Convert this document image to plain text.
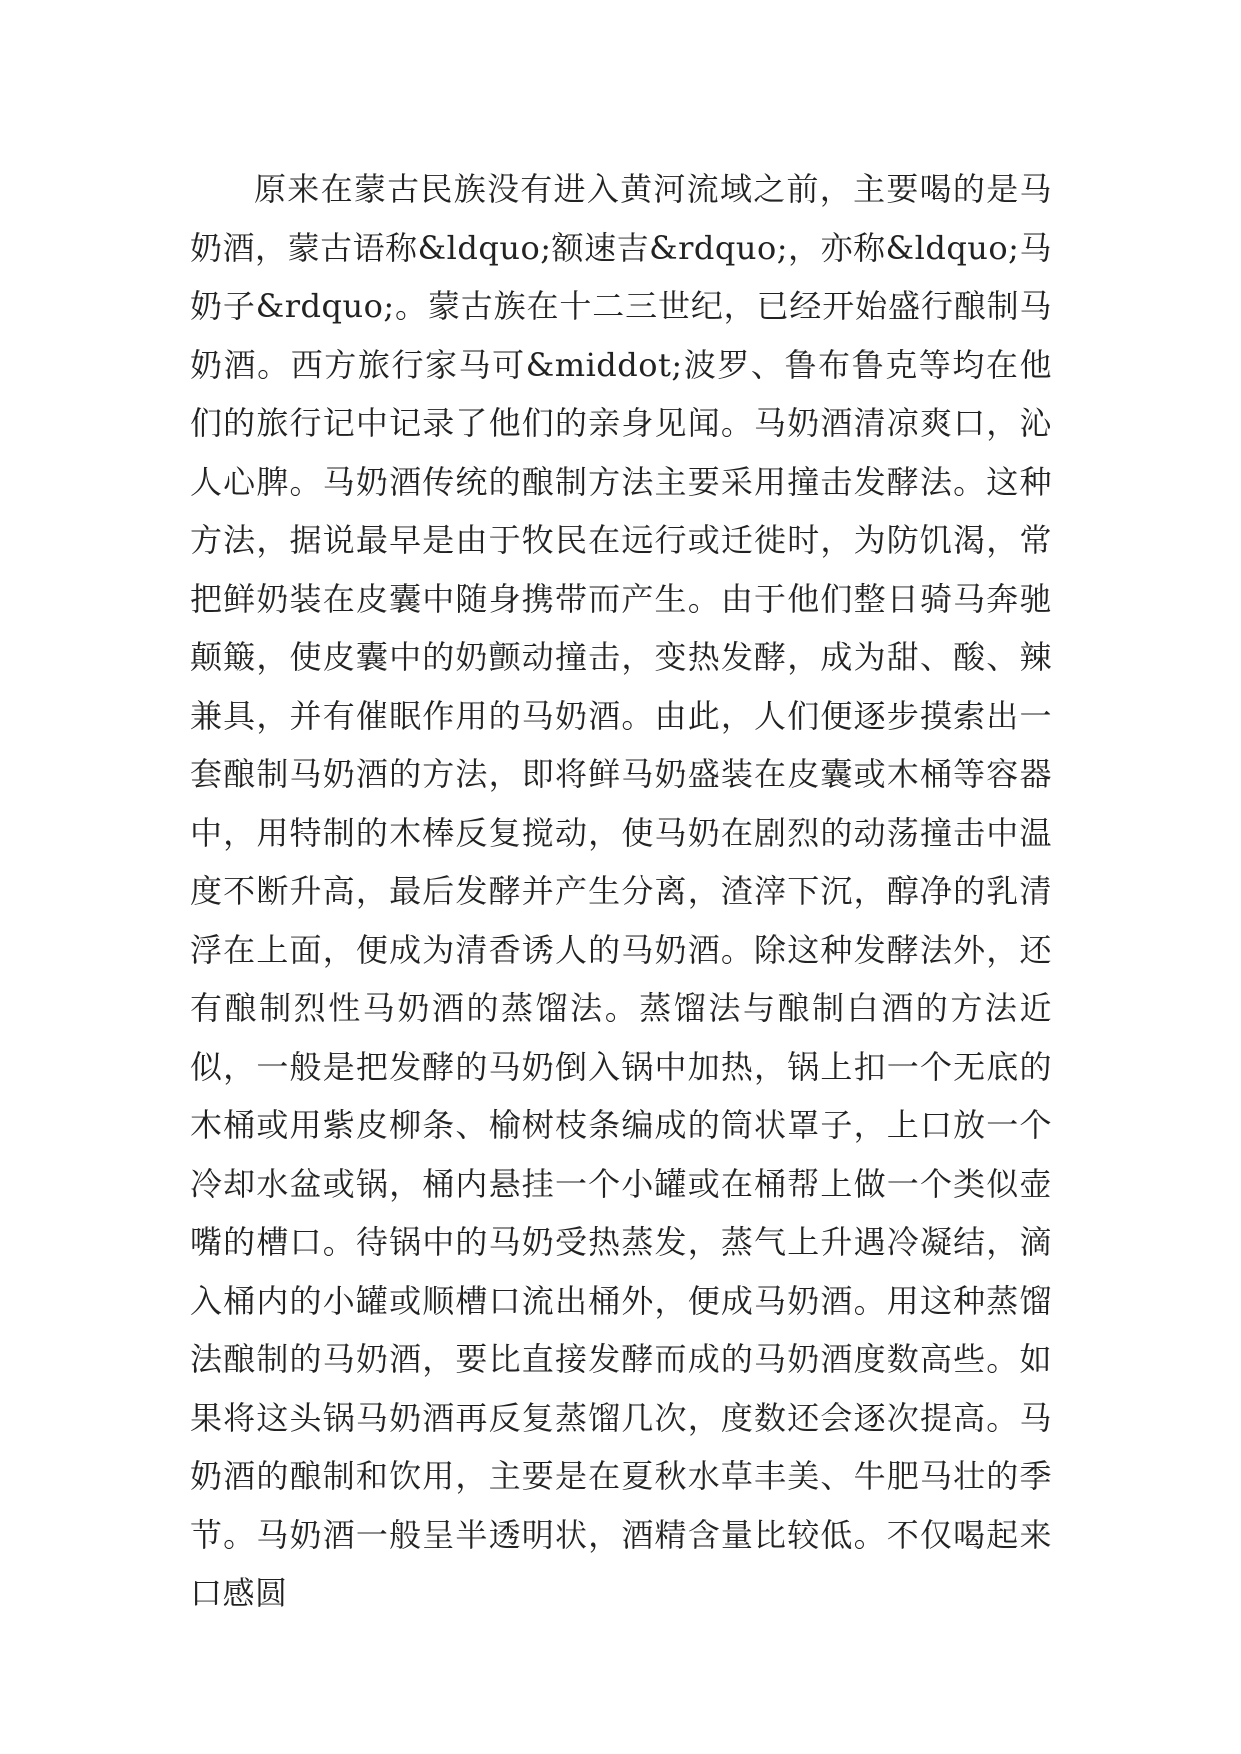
原来在蒙古民族没有进入黄河流域之前，主要喝的是马奶酒，蒙古语称&ldquo;额速吉&rdquo;，亦称&ldquo;马奶子&rdquo;。蒙古族在十二三世纪，已经开始盛行酿制马奶酒。西方旅行家马可&middot;波罗、鲁布鲁克等均在他们的旅行记中记录了他们的亲身见闻。马奶酒清凉爽口，沁人心脾。马奶酒传统的酿制方法主要采用撞击发酵法。这种方法，据说最早是由于牧民在远行或迁徙时，为防饥渴，常把鲜奶装在皮囊中随身携带而产生。由于他们整日骑马奔驰颠簸，使皮囊中的奶颤动撞击，变热发酵，成为甜、酸、辣兼具，并有催眠作用的马奶酒。由此，人们便逐步摸索出一套酿制马奶酒的方法，即将鲜马奶盛装在皮囊或木桶等容器中，用特制的木棒反复搅动，使马奶在剧烈的动荡撞击中温度不断升高，最后发酵并产生分离，渣滓下沉，醇净的乳清浮在上面，便成为清香诱人的马奶酒。除这种发酵法外，还有酿制烈性马奶酒的蒸馏法。蒸馏法与酿制白酒的方法近似，一般是把发酵的马奶倒入锅中加热，锅上扣一个无底的木桶或用紫皮柳条、榆树枝条编成的筒状罩子，上口放一个冷却水盆或锅，桶内悬挂一个小罐或在桶帮上做一个类似壶嘴的槽口。待锅中的马奶受热蒸发，蒸气上升遇冷凝结，滴入桶内的小罐或顺槽口流出桶外，便成马奶酒。用这种蒸馏法酿制的马奶酒，要比直接发酵而成的马奶酒度数高些。如果将这头锅马奶酒再反复蒸馏几次，度数还会逐次提高。马奶酒的酿制和饮用，主要是在夏秋水草丰美、牛肥马壮的季节。马奶酒一般呈半透明状，酒精含量比较低。不仅喝起来口感圆
